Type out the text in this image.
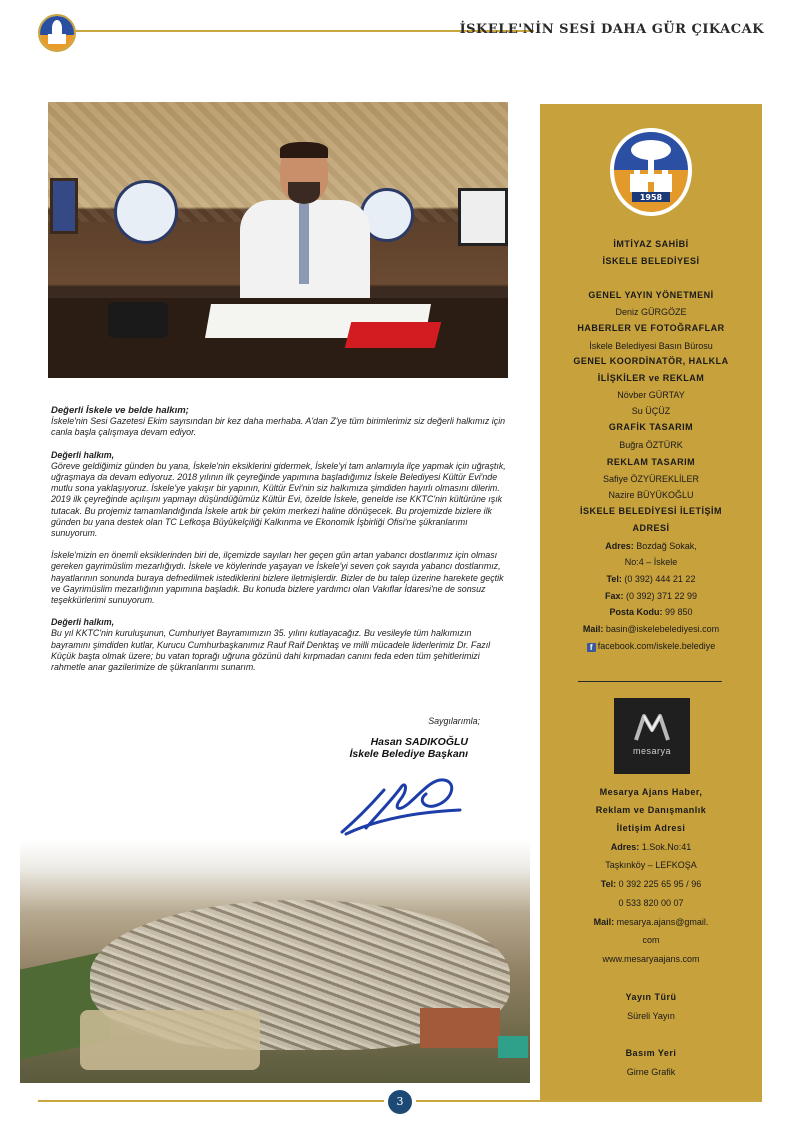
İSKELE'NİN SESİ DAHA GÜR ÇIKACAK

Değerli İskele ve belde halkım;
İskele'nin Sesi Gazetesi Ekim sayısından bir kez daha merhaba. A'dan Z'ye tüm birimlerimiz siz değerli halkımız için canla başla çalışmaya devam ediyor.

Değerli halkım,
Göreve geldiğimiz günden bu yana, İskele'nin eksiklerini gidermek, İskele'yi tam anlamıyla ilçe yapmak için uğraştık, uğraşmaya da devam ediyoruz. 2018 yılının ilk çeyreğinde yapımına başladığımız İskele Belediyesi Kültür Evi'nde mutlu sona yaklaşıyoruz. İskele'ye yakışır bir yapının, Kültür Evi'nin siz halkımıza şimdiden hayırlı olmasını dilerim. 2019 ilk çeyreğinde açılışını yapmayı düşündüğümüz Kültür Evi, özelde İskele, genelde ise KKTC'nin kültürüne ışık tutacak. Bu projemiz tamamlandığında İskele artık bir çekim merkezi haline dönüşecek. Bu projemizde bizlere ilk günden bu yana destek olan TC Lefkoşa Büyükelçiliği Kalkınma ve Ekonomik İşbirliği Ofisi'ne şükranlarımı sunuyorum.

İskele'mizin en önemli eksiklerinden biri de, ilçemizde sayıları her geçen gün artan yabancı dostlarımız için olması gereken gayrimüslim mezarlığıydı. İskele ve köylerinde yaşayan ve İskele'yi seven çok sayıda yabancı dostlarımız, hayatlarının sonunda buraya defnedilmek istediklerini bizlere iletmişlerdir. Bizler de bu talep üzerine harekete geçtik ve Gayrimüslim mezarlığının yapımına başladık. Bu konuda bizlere yardımcı olan Vakıflar İdaresi'ne de sonsuz teşekkürlerimi sunuyorum.

Değerli halkım,
Bu yıl KKTC'nin kuruluşunun, Cumhuriyet Bayramımızın 35. yılını kutlayacağız. Bu vesileyle tüm halkımızın bayramını şimdiden kutlar, Kurucu Cumhurbaşkanımız Rauf Raif Denktaş ve milli mücadele liderlerimiz Dr. Fazıl Küçük başta olmak üzere; bu vatan toprağı uğruna gözünü dahi kırpmadan canını feda eden tüm şehitlerimizi rahmetle anar gazilerimize de şükranlarımı sunarım.

Saygılarımla;
Hasan SADIKOĞLU
İskele Belediye Başkanı
1958
İMTİYAZ SAHİBİ
İSKELE BELEDİYESİ
GENEL YAYIN YÖNETMENİ
Deniz GÜRGÖZE
HABERLER VE FOTOĞRAFLAR
İskele Belediyesi Basın Bürosu
GENEL KOORDİNATÖR, HALKLA
İLİŞKİLER ve REKLAM
Növber GÜRTAY
Su ÜÇÜZ
GRAFİK TASARIM
Buğra ÖZTÜRK
REKLAM TASARIM
Safiye ÖZYÜREKLİLER
Nazire BÜYÜKOĞLU
İSKELE BELEDİYESİ İLETİŞİM
ADRESİ
Adres: Bozdağ Sokak,
No:4 – İskele
Tel: (0 392) 444 21 22
Fax: (0 392) 371 22 99
Posta Kodu: 99 850
Mail: basin@iskelebelediyesi.com
f facebook.com/iskele.belediye
mesarya
Mesarya Ajans Haber,
Reklam ve Danışmanlık
İletişim Adresi
Adres: 1.Sok.No:41
Taşkınköy – LEFKOŞA
Tel: 0 392 225 65 95 / 96
0 533 820 00 07
Mail: mesarya.ajans@gmail.
com
www.mesaryaajans.com
Yayın Türü
Süreli Yayın
Basım Yeri
Girne Grafik
3
